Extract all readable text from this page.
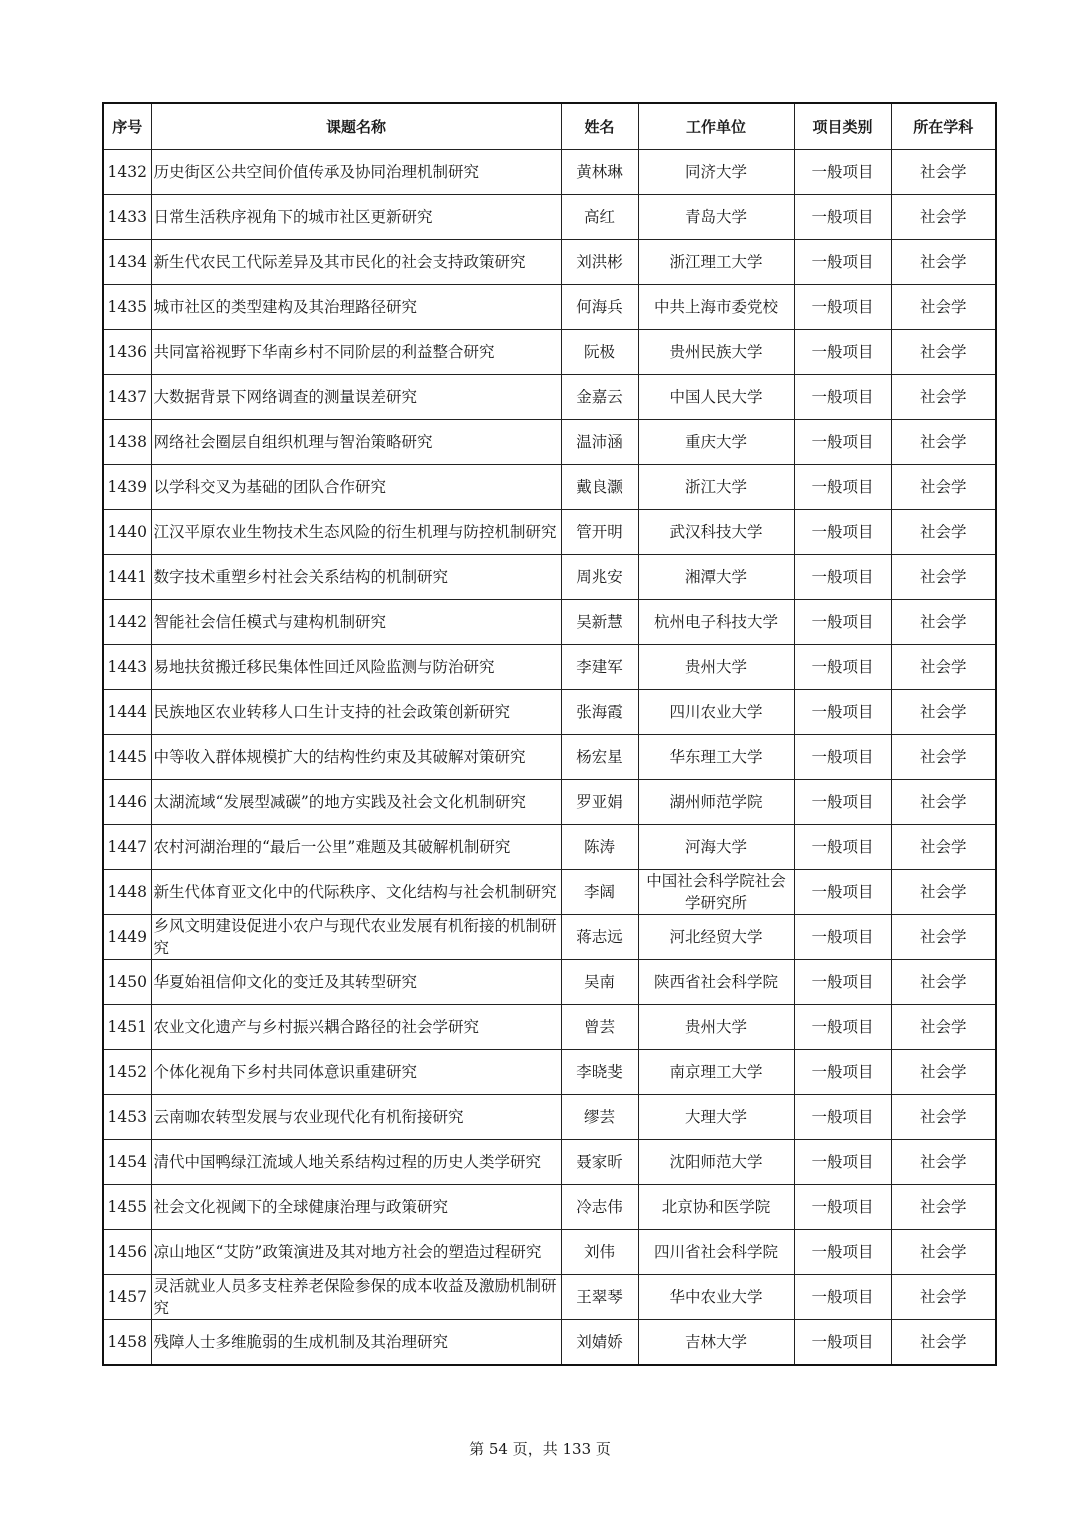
序号	课题名称	姓名	工作单位	项目类别	所在学科
1432	历史街区公共空间价值传承及协同治理机制研究	黄林琳	同济大学	一般项目	社会学
1433	日常生活秩序视角下的城市社区更新研究	高红	青岛大学	一般项目	社会学
1434	新生代农民工代际差异及其市民化的社会支持政策研究	刘洪彬	浙江理工大学	一般项目	社会学
1435	城市社区的类型建构及其治理路径研究	何海兵	中共上海市委党校	一般项目	社会学
1436	共同富裕视野下华南乡村不同阶层的利益整合研究	阮极	贵州民族大学	一般项目	社会学
1437	大数据背景下网络调查的测量误差研究	金嘉云	中国人民大学	一般项目	社会学
1438	网络社会圈层自组织机理与智治策略研究	温沛涵	重庆大学	一般项目	社会学
1439	以学科交叉为基础的团队合作研究	戴良灏	浙江大学	一般项目	社会学
1440	江汉平原农业生物技术生态风险的衍生机理与防控机制研究	管开明	武汉科技大学	一般项目	社会学
1441	数字技术重塑乡村社会关系结构的机制研究	周兆安	湘潭大学	一般项目	社会学
1442	智能社会信任模式与建构机制研究	吴新慧	杭州电子科技大学	一般项目	社会学
1443	易地扶贫搬迁移民集体性回迁风险监测与防治研究	李建军	贵州大学	一般项目	社会学
1444	民族地区农业转移人口生计支持的社会政策创新研究	张海霞	四川农业大学	一般项目	社会学
1445	中等收入群体规模扩大的结构性约束及其破解对策研究	杨宏星	华东理工大学	一般项目	社会学
1446	太湖流域“发展型减碳”的地方实践及社会文化机制研究	罗亚娟	湖州师范学院	一般项目	社会学
1447	农村河湖治理的“最后一公里”难题及其破解机制研究	陈涛	河海大学	一般项目	社会学
1448	新生代体育亚文化中的代际秩序、文化结构与社会机制研究	李阔	中国社会科学院社会学研究所	一般项目	社会学
1449	乡风文明建设促进小农户与现代农业发展有机衔接的机制研究	蒋志远	河北经贸大学	一般项目	社会学
1450	华夏始祖信仰文化的变迁及其转型研究	吴南	陕西省社会科学院	一般项目	社会学
1451	农业文化遗产与乡村振兴耦合路径的社会学研究	曾芸	贵州大学	一般项目	社会学
1452	个体化视角下乡村共同体意识重建研究	李晓斐	南京理工大学	一般项目	社会学
1453	云南咖农转型发展与农业现代化有机衔接研究	缪芸	大理大学	一般项目	社会学
1454	清代中国鸭绿江流域人地关系结构过程的历史人类学研究	聂家昕	沈阳师范大学	一般项目	社会学
1455	社会文化视阈下的全球健康治理与政策研究	冷志伟	北京协和医学院	一般项目	社会学
1456	凉山地区“艾防”政策演进及其对地方社会的塑造过程研究	刘伟	四川省社会科学院	一般项目	社会学
1457	灵活就业人员多支柱养老保险参保的成本收益及激励机制研究	王翠琴	华中农业大学	一般项目	社会学
1458	残障人士多维脆弱的生成机制及其治理研究	刘婧娇	吉林大学	一般项目	社会学
第 54 页，共 133 页
